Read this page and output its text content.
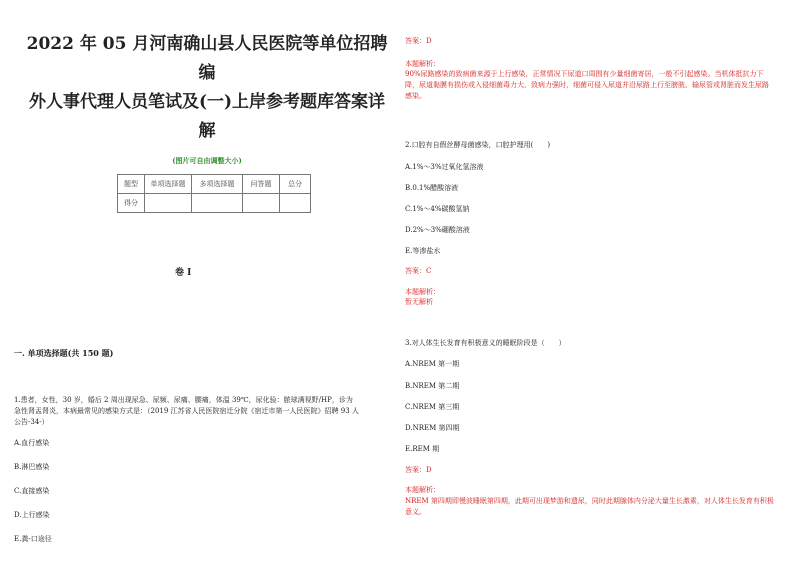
2022 年 05 月河南确山县人民医院等单位招聘编
外人事代理人员笔试及(一)上岸参考题库答案详
解
(图片可自由调整大小)
题型	单项选择题	多项选择题	问答题	总分
得分				
卷 I
一. 单项选择题(共 150 题)
1.患者，女性，30 岁，婚后 2 周出现尿急、尿频、尿痛、腰痛，体温 39℃，尿化验：脓球满视野/HP，诊为急性肾盂肾炎，本病最常见的感染方式是：（2019 江苏省人民医院宿迁分院《宿迁市第一人民医院》招聘 93 人公告-34-）

A.血行感染

B.淋巴感染

C.直接感染

D.上行感染

E.粪-口途径

答案：D
本题解析：
90%尿路感染的致病菌来源于上行感染，正常情况下尿道口周围有少量细菌寄居，一般不引起感染。当机体抵抗力下降，尿道黏膜有损伤或入侵细菌毒力大、致病力强时，细菌可侵入尿道并沿尿路上行至膀胱、输尿管或肾脏而发生尿路感染。
2.口腔有自假丝酵母菌感染，口腔护理用(　　)
A.1%～3%过氧化氢溶液
B.0.1%醋酸溶液
C.1%～4%碳酸氢钠
D.2%～3%硼酸溶液
E.等渗盐水
答案：C
本题解析：
暂无解析
3.对人体生长发育有积极意义的睡眠阶段是（　　）
A.NREM 第一期
B.NREM 第二期
C.NREM 第三期
D.NREM 第四期
E.REM 期
答案：D
本题解析：
NREM 第四期即慢波睡眠第四期，此期可出现梦游和遗尿，同时此期腺体内分泌大量生长激素，对人体生长发育有积极意义。
